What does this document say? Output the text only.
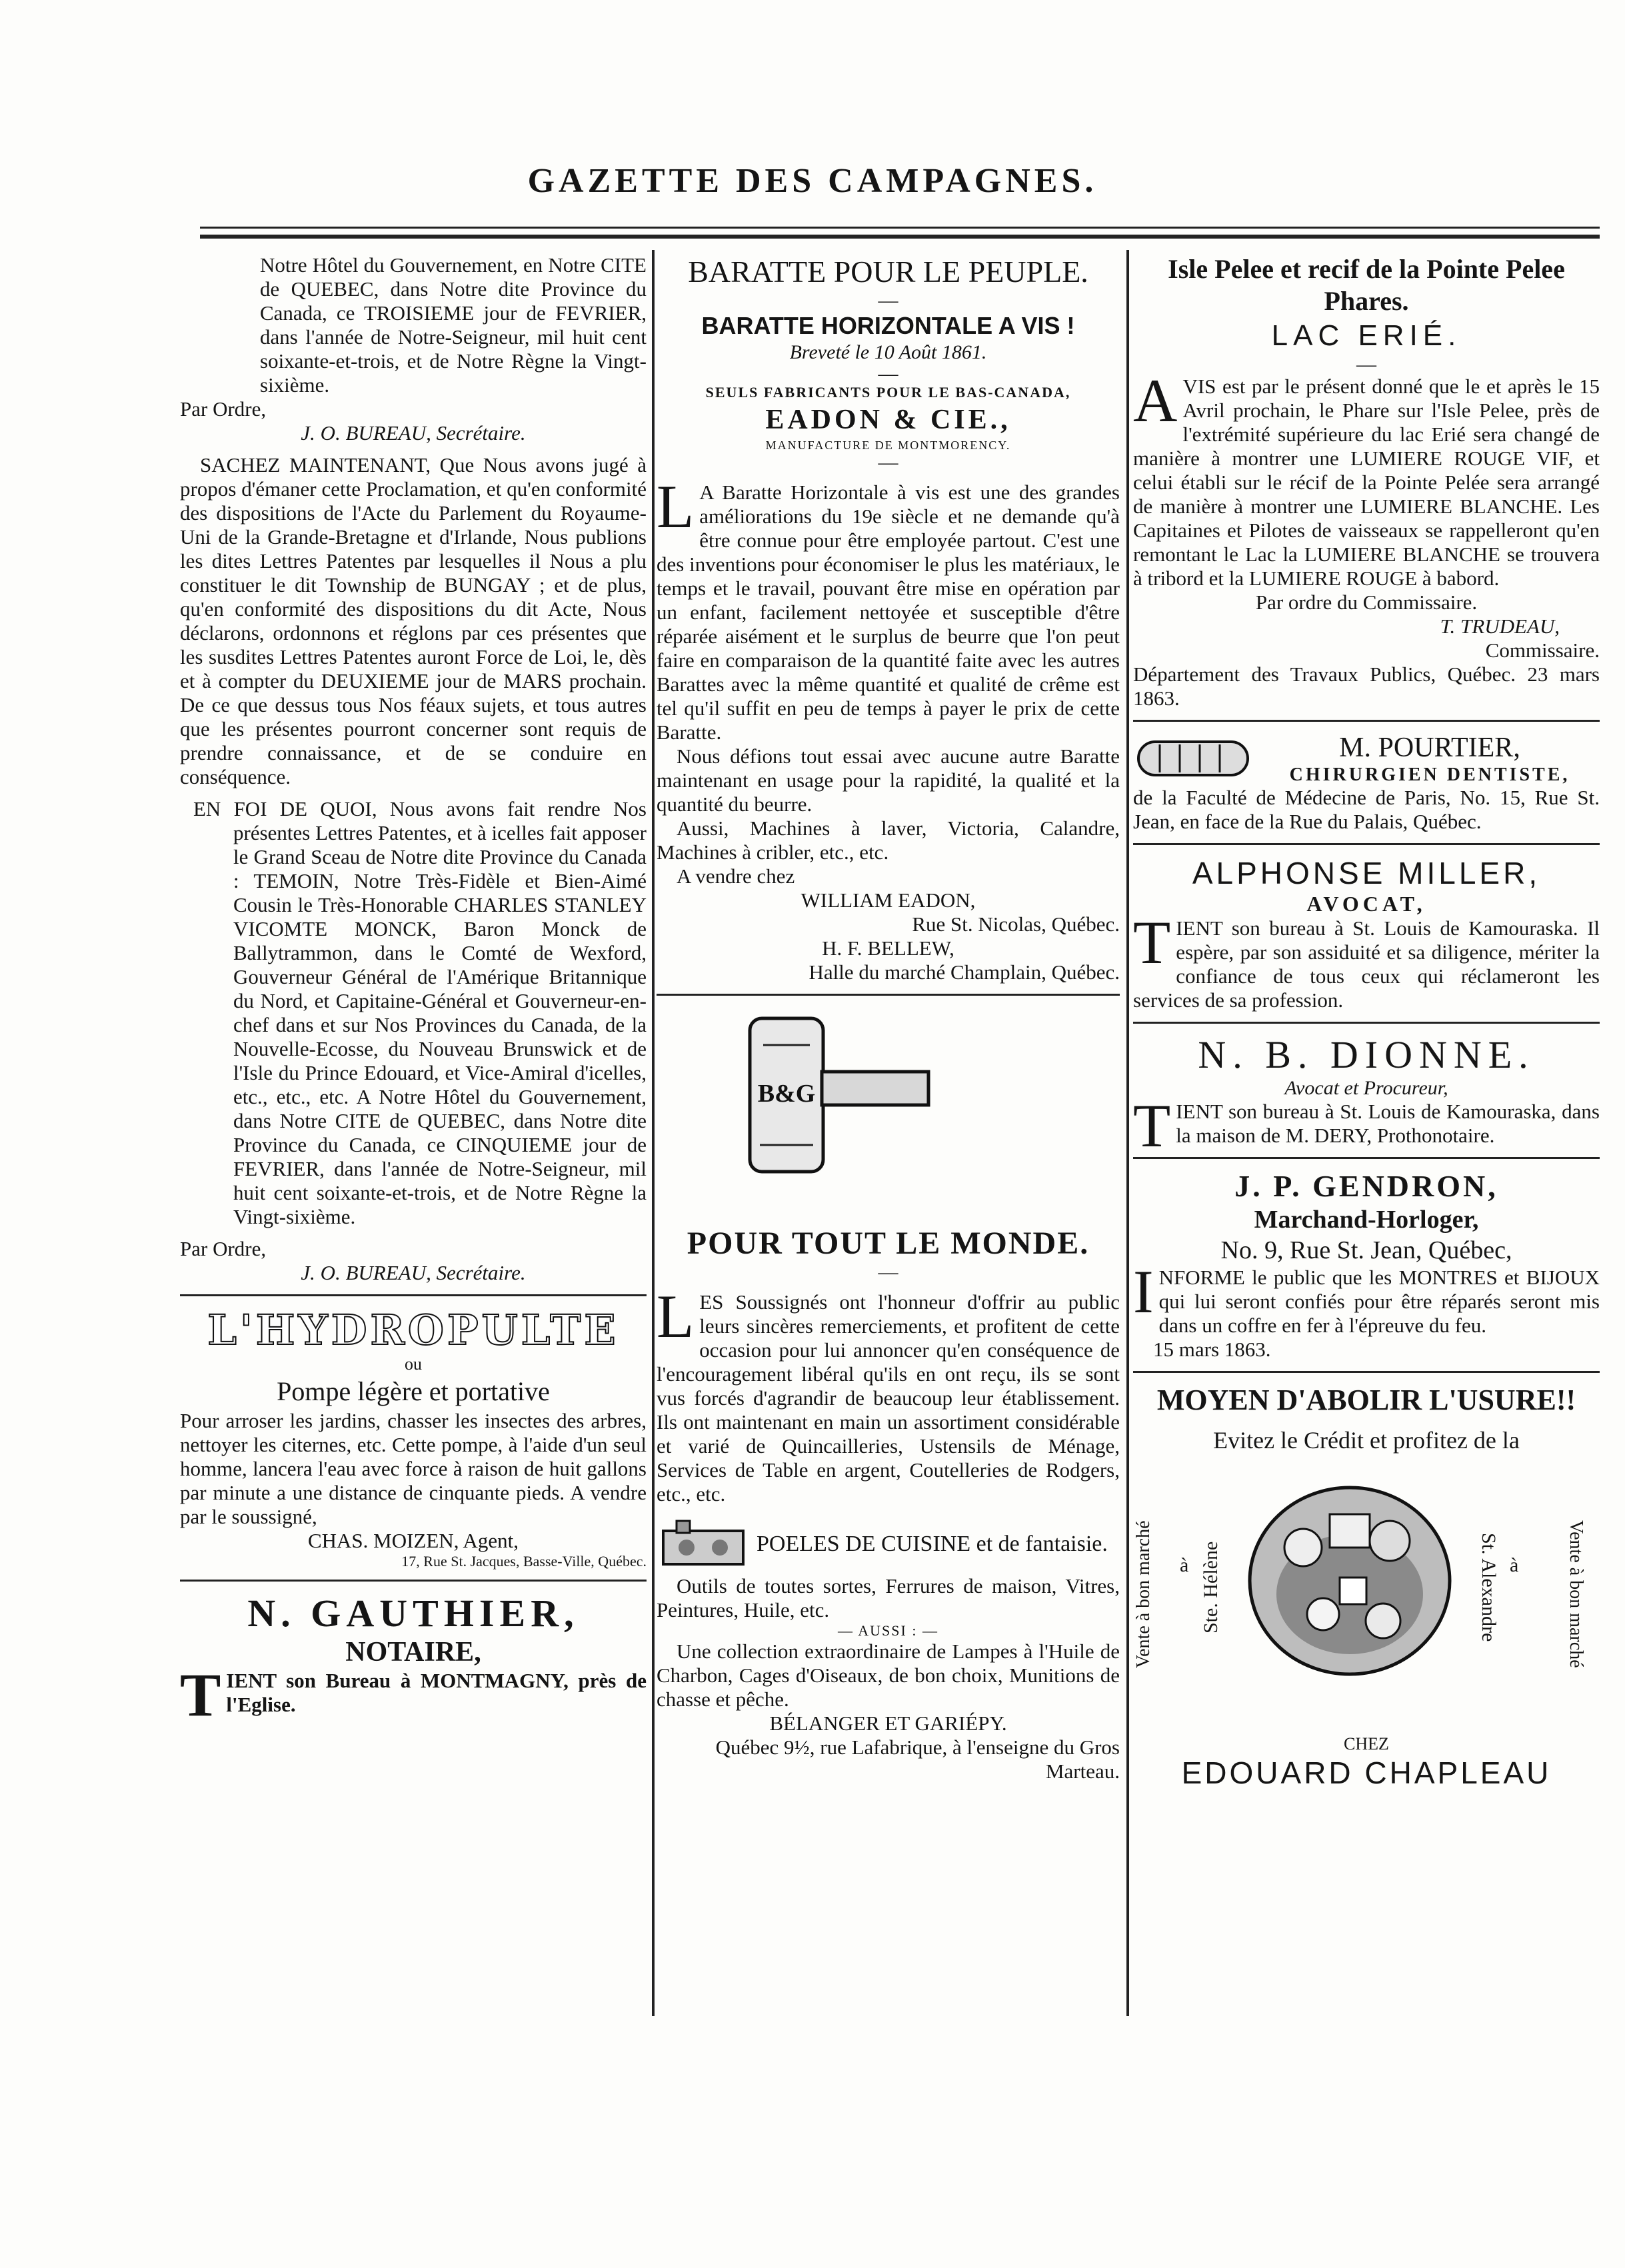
GAZETTE DES CAMPAGNES.

Notre Hôtel du Gouvernement, en Notre CITE de QUEBEC, dans Notre dite Province du Canada, ce TROISIEME jour de FEVRIER, dans l'année de Notre-Seigneur, mil huit cent soixante-et-trois, et de Notre Règne la Vingt-sixième.

Par Ordre,

J. O. BUREAU, Secrétaire.

SACHEZ MAINTENANT, Que Nous avons jugé à propos d'émaner cette Proclamation, et qu'en conformité des dispositions de l'Acte du Parlement du Royaume-Uni de la Grande-Bretagne et d'Irlande, Nous publions les dites Lettres Patentes par lesquelles il Nous a plu constituer le dit Township de BUNGAY ; et de plus, qu'en conformité des dispositions du dit Acte, Nous déclarons, ordonnons et réglons par ces présentes que les susdites Lettres Patentes auront Force de Loi, le, dès et à compter du DEUXIEME jour de MARS prochain. De ce que dessus tous Nos féaux sujets, et tous autres que les présentes pourront concerner sont requis de prendre connaissance, et de se conduire en conséquence.

EN FOI DE QUOI, Nous avons fait rendre Nos présentes Lettres Patentes, et à icelles fait apposer le Grand Sceau de Notre dite Province du Canada : TEMOIN, Notre Très-Fidèle et Bien-Aimé Cousin le Très-Honorable CHARLES STANLEY VICOMTE MONCK, Baron Monck de Ballytrammon, dans le Comté de Wexford, Gouverneur Général de l'Amérique Britannique du Nord, et Capitaine-Général et Gouverneur-en-chef dans et sur Nos Provinces du Canada, de la Nouvelle-Ecosse, du Nouveau Brunswick et de l'Isle du Prince Edouard, et Vice-Amiral d'icelles, etc., etc., etc. A Notre Hôtel du Gouvernement, dans Notre CITE de QUEBEC, dans Notre dite Province du Canada, ce CINQUIEME jour de FEVRIER, dans l'année de Notre-Seigneur, mil huit cent soixante-et-trois, et de Notre Règne la Vingt-sixième.

Par Ordre,

J. O. BUREAU, Secrétaire.

L'HYDROPULTE

ou

Pompe légère et portative

Pour arroser les jardins, chasser les insectes des arbres, nettoyer les citernes, etc. Cette pompe, à l'aide d'un seul homme, lancera l'eau avec force à raison de huit gallons par minute a une distance de cinquante pieds. A vendre par le soussigné,

CHAS. MOIZEN, Agent,

17, Rue St. Jacques, Basse-Ville, Québec.

N. GAUTHIER,

NOTAIRE,

TIENT son Bureau à MONTMAGNY, près de l'Eglise.

BARATTE POUR LE PEUPLE.
—

BARATTE HORIZONTALE A VIS !

Breveté le 10 Août 1861.

—

SEULS FABRICANTS POUR LE BAS-CANADA,

EADON & CIE.,

MANUFACTURE DE MONTMORENCY.

—

L A Baratte Horizontale à vis est une des grandes améliorations du 19e siècle et ne demande qu'à être connue pour être employée partout. C'est une des inventions pour économiser le plus les matériaux, le temps et le travail, pouvant être mise en opération par un enfant, facilement nettoyée et susceptible d'être réparée aisément et le surplus de beurre que l'on peut faire en comparaison de la quantité faite avec les autres Barattes avec la même quantité et qualité de crême est tel qu'il suffit en peu de temps à payer le prix de cette Baratte.

Nous défions tout essai avec aucune autre Baratte maintenant en usage pour la rapidité, la qualité et la quantité du beurre.

Aussi, Machines à laver, Victoria, Calandre, Machines à cribler, etc., etc.

A vendre chez

WILLIAM EADON,

Rue St. Nicolas, Québec.

H. F. BELLEW,

Halle du marché Champlain, Québec.

B&G
POUR TOUT LE MONDE.
—

LES Soussignés ont l'honneur d'offrir au public leurs sincères remerciements, et profitent de cette occasion pour lui annoncer qu'en conséquence de l'encouragement libéral qu'ils en ont reçu, ils se sont vus forcés d'agrandir de beaucoup leur établissement. Ils ont maintenant en main un assortiment considérable et varié de Quincailleries, Ustensils de Ménage, Services de Table en argent, Coutelleries de Rodgers, etc., etc.

POELES DE CUISINE et de fantaisie.

Outils de toutes sortes, Ferrures de maison, Vitres, Peintures, Huile, etc.

— AUSSI : —

Une collection extraordinaire de Lampes à l'Huile de Charbon, Cages d'Oiseaux, de bon choix, Munitions de chasse et pêche.

BÉLANGER ET GARIÉPY.

Québec 9½, rue Lafabrique, à l'enseigne du Gros Marteau.

Isle Pelee et recif de la Pointe Pelee Phares.

LAC ERIÉ.

—

AVIS est par le présent donné que le et après le 15 Avril prochain, le Phare sur l'Isle Pelee, près de l'extrémité supérieure du lac Erié sera changé de manière à montrer une LUMIERE ROUGE VIF, et celui établi sur le récif de la Pointe Pelée sera arrangé de manière à montrer une LUMIERE BLANCHE. Les Capitaines et Pilotes de vaisseaux se rappelleront qu'en remontant le Lac la LUMIERE BLANCHE se trouvera à tribord et la LUMIERE ROUGE à babord.

Par ordre du Commissaire.

T. TRUDEAU,

Commissaire.

Département des Travaux Publics, Québec. 23 mars 1863.

M. POURTIER,

CHIRURGIEN DENTISTE,

de la Faculté de Médecine de Paris, No. 15, Rue St. Jean, en face de la Rue du Palais, Québec.

ALPHONSE MILLER,

AVOCAT,

TIENT son bureau à St. Louis de Kamouraska. Il espère, par son assiduité et sa diligence, mériter la confiance de tous ceux qui réclameront les services de sa profession.

N. B. DIONNE.

Avocat et Procureur,

TIENT son bureau à St. Louis de Kamouraska, dans la maison de M. DERY, Prothonotaire.

J. P. GENDRON,

Marchand-Horloger,

No. 9, Rue St. Jean, Québec,

INFORME le public que les MONTRES et BIJOUX qui lui seront confiés pour être réparés seront mis dans un coffre en fer à l'épreuve du feu.

15 mars 1863.

MOYEN D'ABOLIR L'USURE!!

Evitez le Crédit et profitez de la

Vente à bon marché	à Ste. Hélène	St. Alexandre à	Vente à bon marché

CHEZ

EDOUARD CHAPLEAU
